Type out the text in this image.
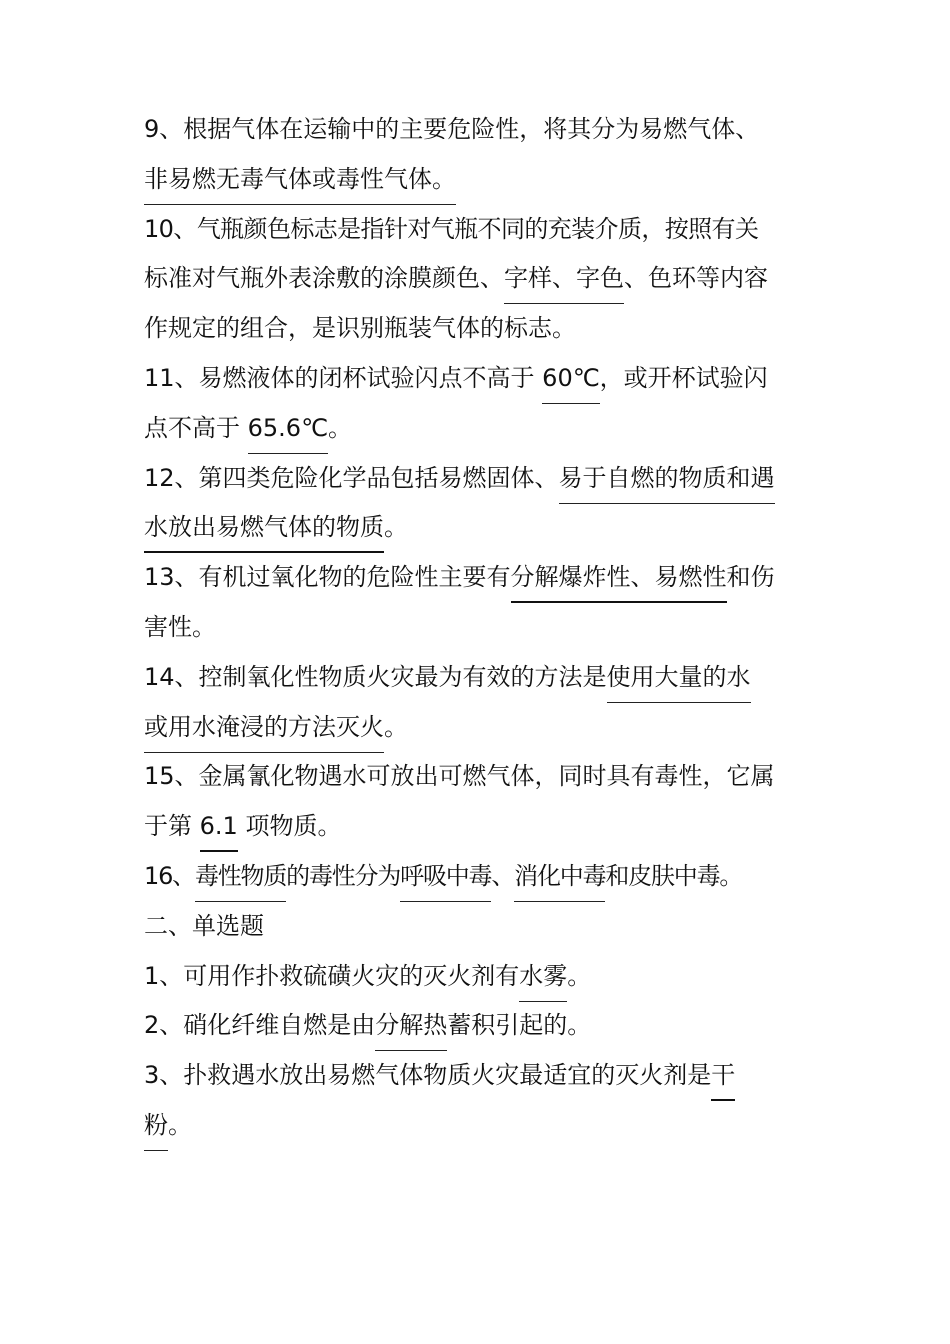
9、根据气体在运输中的主要危险性，将其分为易燃气体、
非易燃无毒气体或毒性气体。
10、气瓶颜色标志是指针对气瓶不同的充装介质，按照有关
标准对气瓶外表涂敷的涂膜颜色、字样、字色、色环等内容
作规定的组合，是识别瓶装气体的标志。
11、易燃液体的闭杯试验闪点不高于 60℃，或开杯试验闪
点不高于 65.6℃。
12、第四类危险化学品包括易燃固体、易于自燃的物质和遇
水放出易燃气体的物质。
13、有机过氧化物的危险性主要有分解爆炸性、易燃性和伤
害性。
14、控制氧化性物质火灾最为有效的方法是使用大量的水
或用水淹浸的方法灭火。
15、金属氰化物遇水可放出可燃气体，同时具有毒性，它属
于第 6.1 项物质。
16、毒性物质的毒性分为呼吸中毒、消化中毒和皮肤中毒。
二、单选题
1、可用作扑救硫磺火灾的灭火剂有水雾。
2、硝化纤维自燃是由分解热蓄积引起的。
3、扑救遇水放出易燃气体物质火灾最适宜的灭火剂是干
粉。
